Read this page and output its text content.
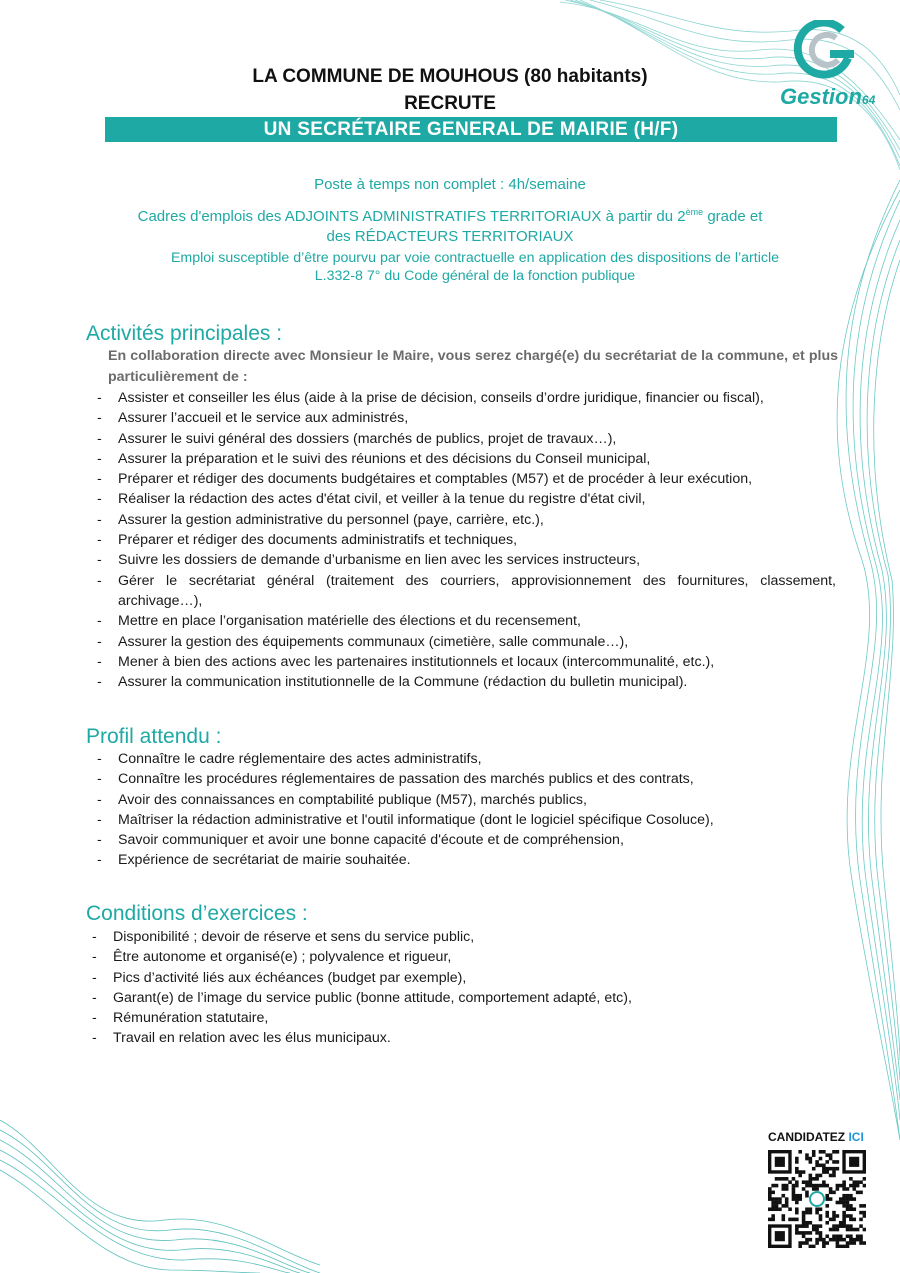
Gestion64
LA COMMUNE DE MOUHOUS (80 habitants)
RECRUTE
UN SECRÉTAIRE GENERAL DE MAIRIE (H/F)
Poste à temps non complet : 4h/semaine
Cadres d'emplois des ADJOINTS ADMINISTRATIFS TERRITORIAUX à partir du 2ème grade et
des RÉDACTEURS TERRITORIAUX
Emploi susceptible d’être pourvu par voie contractuelle en application des dispositions de l’article
L.332-8 7° du Code général de la fonction publique
Activités principales :
En collaboration directe avec Monsieur le Maire, vous serez chargé(e) du secrétariat de la commune, et plus particulièrement de :
- Assister et conseiller les élus (aide à la prise de décision, conseils d’ordre juridique, financier ou fiscal),
- Assurer l’accueil et le service aux administrés,
- Assurer le suivi général des dossiers (marchés de publics, projet de travaux…),
- Assurer la préparation et le suivi des réunions et des décisions du Conseil municipal,
- Préparer et rédiger des documents budgétaires et comptables (M57) et de procéder à leur exécution,
- Réaliser la rédaction des actes d'état civil, et veiller à la tenue du registre d'état civil,
- Assurer la gestion administrative du personnel (paye, carrière, etc.),
- Préparer et rédiger des documents administratifs et techniques,
- Suivre les dossiers de demande d’urbanisme en lien avec les services instructeurs,
- Gérer le secrétariat général (traitement des courriers, approvisionnement des fournitures, classement, archivage…),
- Mettre en place l’organisation matérielle des élections et du recensement,
- Assurer la gestion des équipements communaux (cimetière, salle communale…),
- Mener à bien des actions avec les partenaires institutionnels et locaux (intercommunalité, etc.),
- Assurer la communication institutionnelle de la Commune (rédaction du bulletin municipal).
Profil attendu :
- Connaître le cadre réglementaire des actes administratifs,
- Connaître les procédures réglementaires de passation des marchés publics et des contrats,
- Avoir des connaissances en comptabilité publique (M57), marchés publics,
- Maîtriser la rédaction administrative et l'outil informatique (dont le logiciel spécifique Cosoluce),
- Savoir communiquer et avoir une bonne capacité d'écoute et de compréhension,
- Expérience de secrétariat de mairie souhaitée.
Conditions d’exercices :
- Disponibilité ; devoir de réserve et sens du service public,
- Être autonome et organisé(e) ; polyvalence et rigueur,
- Pics d’activité liés aux échéances (budget par exemple),
- Garant(e) de l’image du service public (bonne attitude, comportement adapté, etc),
- Rémunération statutaire,
- Travail en relation avec les élus municipaux.
CANDIDATEZ ICI
